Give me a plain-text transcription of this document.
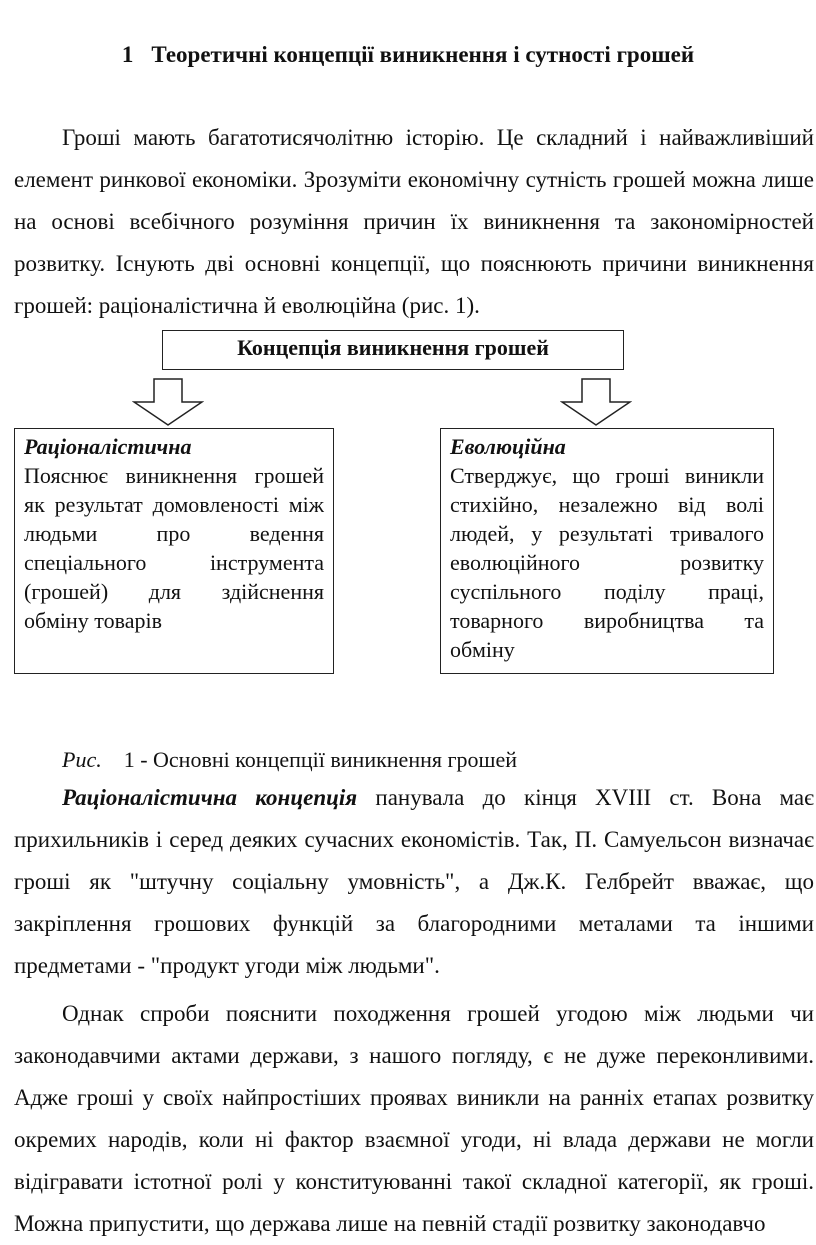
1 Теоретичні концепції виникнення і сутності грошей

Гроші мають багатотисячолітню історію. Це складний і найважливіший елемент ринкової економіки. Зрозуміти економічну сутність грошей можна лише на основі всебічного розуміння причин їх виникнення та закономірностей розвитку. Існують дві основні концепції, що пояснюють причини виникнення грошей: раціоналістична й еволюційна (рис. 1).

Концепція виникнення грошей
Раціоналістична
Пояснює виникнення грошей як результат домовленості між людьми про ведення спеціального інструмента (грошей) для здійснення обміну товарів
Еволюційна
Стверджує, що гроші виникли стихійно, незалежно від волі людей, у результаті тривалого еволюційного розвитку суспільного поділу праці, товарного виробництва та обміну
Рис. 1 - Основні концепції виникнення грошей

Раціоналістична концепція панувала до кінця XVIII ст. Вона має прихильників і серед деяких сучасних економістів. Так, П. Самуельсон визначає гроші як "штучну соціальну умовність", а Дж.К. Гелбрейт вважає, що закріплення грошових функцій за благородними металами та іншими предметами - "продукт угоди між людьми".

Однак спроби пояснити походження грошей угодою між людьми чи законодавчими актами держави, з нашого погляду, є не дуже переконливими. Адже гроші у своїх найпростіших проявах виникли на ранніх етапах розвитку окремих народів, коли ні фактор взаємної угоди, ні влада держави не могли відігравати істотної ролі у конституюванні такої складної категорії, як гроші. Можна припустити, що держава лише на певній стадії розвитку законодавчо
